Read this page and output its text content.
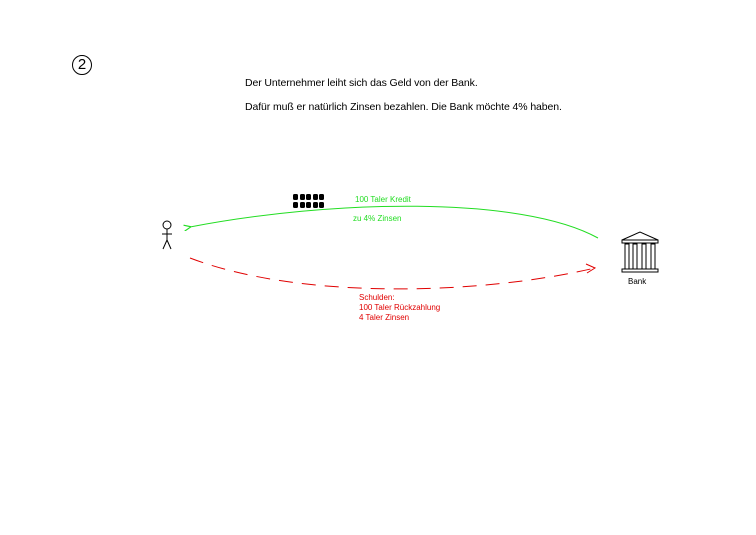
2
Der Unternehmer leiht sich das Geld von der Bank.
Dafür muß er natürlich Zinsen bezahlen. Die Bank möchte 4% haben.
100 Taler Kredit
zu 4% Zinsen
Schulden:
100 Taler Rückzahlung
4 Taler Zinsen
Bank
